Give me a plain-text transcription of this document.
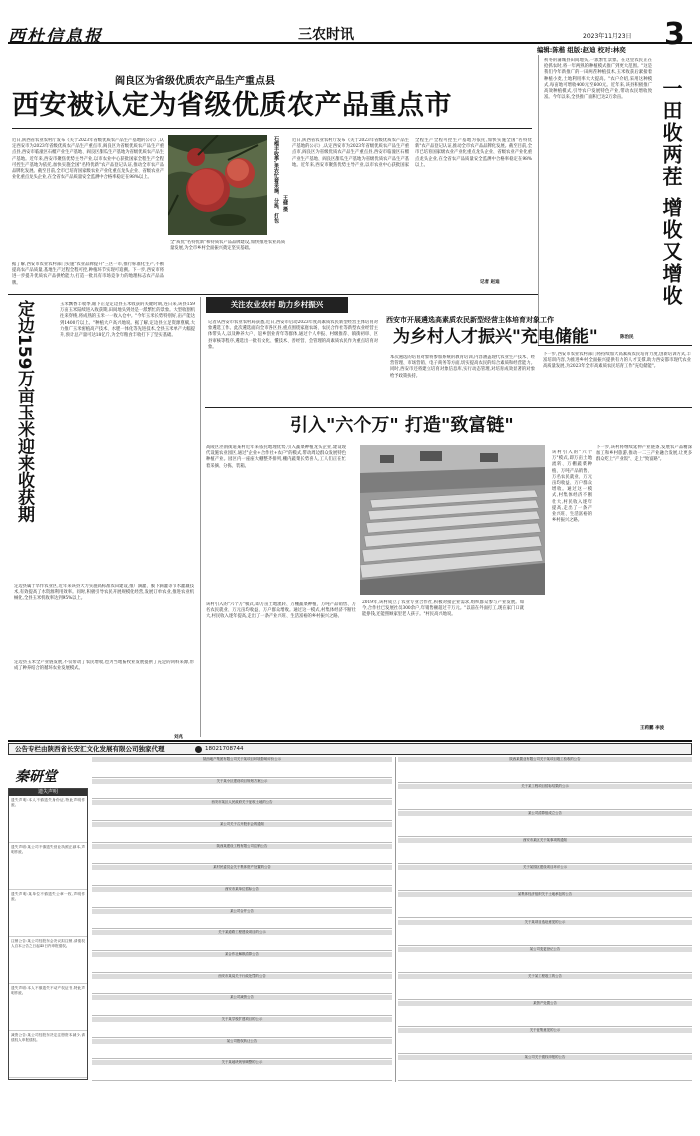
西杜信息报	三农时讯	2023年11月23日 3
编辑:陈楷 组版:赵迪 校对:林奕
阎良区为省级优质农产品生产重点县
西安被认定为省级优质农产品重点市
近日,陕西省农业农村厅发布《关于2023年省级优质农产品生产基地的公示》,认定西安市为2023年省级优质农产品生产重点市,阎良区为省级优质农产品生产重点县,西安市临潼区石榴产业生产基地、阎良区甜瓜生产基地为省级优质农产品生产基地。近年来,西安市聚焦优势主导产业,以市农业中心获批国家全程生产全程可控生产基地为依托,加快实施全国"名特优新"农产品登记认证,推动全市农产品品牌化发展。截至目前,全市已培育国家级农业产业化重点龙头企业、省级农业产业化重点龙头企业,在全省农产品质量安全监测中合格率稳定在98%以上。
据了解,西安市农业农村部门实施"农业品牌提升"三区一市,推行标准化生产,不断提高农产品质量,基地生产过程全程可控,种植环节实现可追溯。下一步,西安市将进一步提升优质农产品供给能力,打造一批具有市场竞争力的地理标志农产品品牌。
石榴丰收季,果农忙着采摘、分拣、打包 王健 摄
全"质优"名特优新"和特质农产品品牌建设,加快推进农业高质量发展,为全市乡村全面振兴奠定坚实基础。
近日,陕西省农业农村厅发布《关于2023年省级优质农产品生产基地的公示》,认定西安市为2023年省级优质农产品生产重点市,阎良区为省级优质农产品生产重点县,西安市临潼区石榴产业生产基地、阎良区甜瓜生产基地为省级优质农产品生产基地。近年来,西安市聚焦优势主导产业,以市农业中心获批国家全程生产全程可控生产基地为依托,加快实施全国"名特优新"农产品登记认证,推动全市农产品品牌化发展。截至目前,全市已培育国家级农业产业化重点龙头企业、省级农业产业化重点龙头企业,在全省农产品质量安全监测中合格率稳定在98%以上。
记者 赵迪
初冬的蒲城县田间地头,一派繁忙景象。在这里农民正在抢抓农时,将一年两熟的种植模式推广到更大范围。"这是我们今年新推广的一田两茬种植技术,玉米收获后紧接着种植小麦,土地利用率大大提高。"农户介绍,采用这种模式,每亩地可增收400元至600元。近年来,该县积极推广高效种植模式,引导农户发展特色产业,带动农民增收致富。今年以来,全县推广面积已达2万余亩。	一田收两茬 增收又增收
陈治民
定边159万亩玉米迎来收获期	玉米飘香丰收季,眼下正是定边县玉米收获的关键时期,连日来,该县159万亩玉米陆续进入收获期,田间地头到处是一派繁忙的景象。大型收割机往来穿梭,将成熟的玉米一一收入仓中。"今年玉米长势特别好,亩产能达到1400斤以上。"种植大户高兴地说。据了解,定边县立足资源禀赋,大力推广玉米密植高产技术、水肥一体化等先进技术,全县玉米单产大幅提升,预计总产量可达18亿斤,为全年粮食丰收打下了坚实基础。
定边县属于旱作农业区,近年来该县大力实施高标准农田建设,推广滴灌、膜下滴灌等节水灌溉技术,有效提高了水资源利用效率。同时,积极引导农民开展规模化经营,发展订单农业,推进农业机械化,全县玉米机收率达到95%以上。
定边县玉米全产业链发展,不仅带动了农民增收,也为当地畜牧业发展提供了充足的饲料来源,形成了种养结合的循环农业发展模式。
刘兆
关注农业农村 助力乡村振兴
西安市开展遴选高素质农民新型经营主体培育对象工作
为乡村人才振兴"充电储能"
记者从西安市农业农村局获悉,近日,西安市启动2023年度高素质农民新型经营主体培育对象遴选工作。此次遴选面向全市各区县,重点围绕家庭农场、农民合作社等新型农业经营主体带头人,以及种养大户、返乡创业青年等群体,通过个人申报、村级推荐、镇街初审、区县审核等程序,遴选出一批有文化、懂技术、善经营、会管理的高素质农民作为重点培育对象。
本次遴选的培育对象将参加系统的教育培训,内容涵盖现代农业生产技术、经营管理、市场营销、电子商务等方面,切实提高农民的综合素质和经营能力。同时,西安市还将建立培育对象信息库,实行动态管理,对培育成效显著的对象给予政策扶持。
下一步,西安市农业农村部门将持续加大高素质农民培育力度,创新培训方式,丰富培训内容,为推进乡村全面振兴提供有力的人才支撑,助力西安都市现代农业高质量发展,为2023年全市高素质农民培育工作"充电储能"。
引入"六个万" 打造"致富链"
高陵区泾渭街道某村近年来依托地理优势,引入蔬菜种植龙头企业,建设现代设施农业园区,通过"企业+合作社+农户"的模式,带动周边群众发展特色种植产业。园区内一座座大棚整齐排列,棚内蔬菜长势喜人,工人们正在忙着采摘、分拣、装箱。
该村引入的"六个万"模式,即万亩土地流转、万棚蔬菜种植、万吨产品销售、万名农民就业、万元亩均收益、万户群众增收。通过这一模式,村集体经济不断壮大,村民收入逐年提高,走出了一条产业兴旺、生活富裕的乡村振兴之路。
2019年,该村成立了农业专业合作社,积极对接企业需求,组织群众参与产业发展。如今,合作社已发展社员300余户,年销售额超过千万元。"以前在外面打工,现在家门口就能挣钱,还能照顾家里老人孩子。"村民高兴地说。
下一步,该村将继续延伸产业链条,发展农产品精深加工和乡村旅游,推动一二三产业融合发展,让更多群众吃上"产业饭"、走上"致富路"。
该村引入的"六个万"模式,即万亩土地流转、万棚蔬菜种植、万吨产品销售、万名农民就业、万元亩均收益、万户群众增收。通过这一模式,村集体经济不断壮大,村民收入逐年提高,走出了一条产业兴旺、生活富裕的乡村振兴之路。
王莉鹏 李波
公告专栏由陕西省长安汇文化发展有限公司独家代理	18021708744
秦研堂
遗失声明
遗失声明:本人不慎遗失身份证,特此声明作废。
遗失声明:某公司不慎遗失营业执照正副本,声明作废。
遗失声明:某单位不慎遗失公章一枚,声明作废。
注销公告:某公司经股东会决议拟注销,请债权人自本公告之日起45日内申报债权。
遗失声明:本人不慎遗失不动产权证书,特此声明作废。
减资公告:某公司经股东决定注册资本减少,请债权人申报债权。
陕西地产集团有限公司关于某项目环境影响评价公示
关于某小区建设项目规划方案公示
西安市某区人民政府关于征收土地的公告
某公司关于召开股东会的通知
陕西某建设工程有限公司注销公告
某村民委员会关于集体资产处置的公告
西安市某单位招标公告
某公司合并公告
关于某道路工程建设项目的公示
某合作社解散清算公告
西安市某局关于行政处罚的公告
某公司减资公告
关于某学校扩建项目的公示
某公司股权转让公告
关于某地块规划调整的公示
陕西某置业有限公司关于某项目竣工验收的公告
关于某工程项目招标结果的公示
某公司清算组成立公告
西安市某区关于某事项的通知
关于某园区建设项目环评公示
某集体经济组织关于土地承包的公告
关于某项目选址意见的公示
某公司变更登记公告
关于某工程竣工的公告
某资产处置公告
关于征集意见的公示
某公司关于债权申报的公告
